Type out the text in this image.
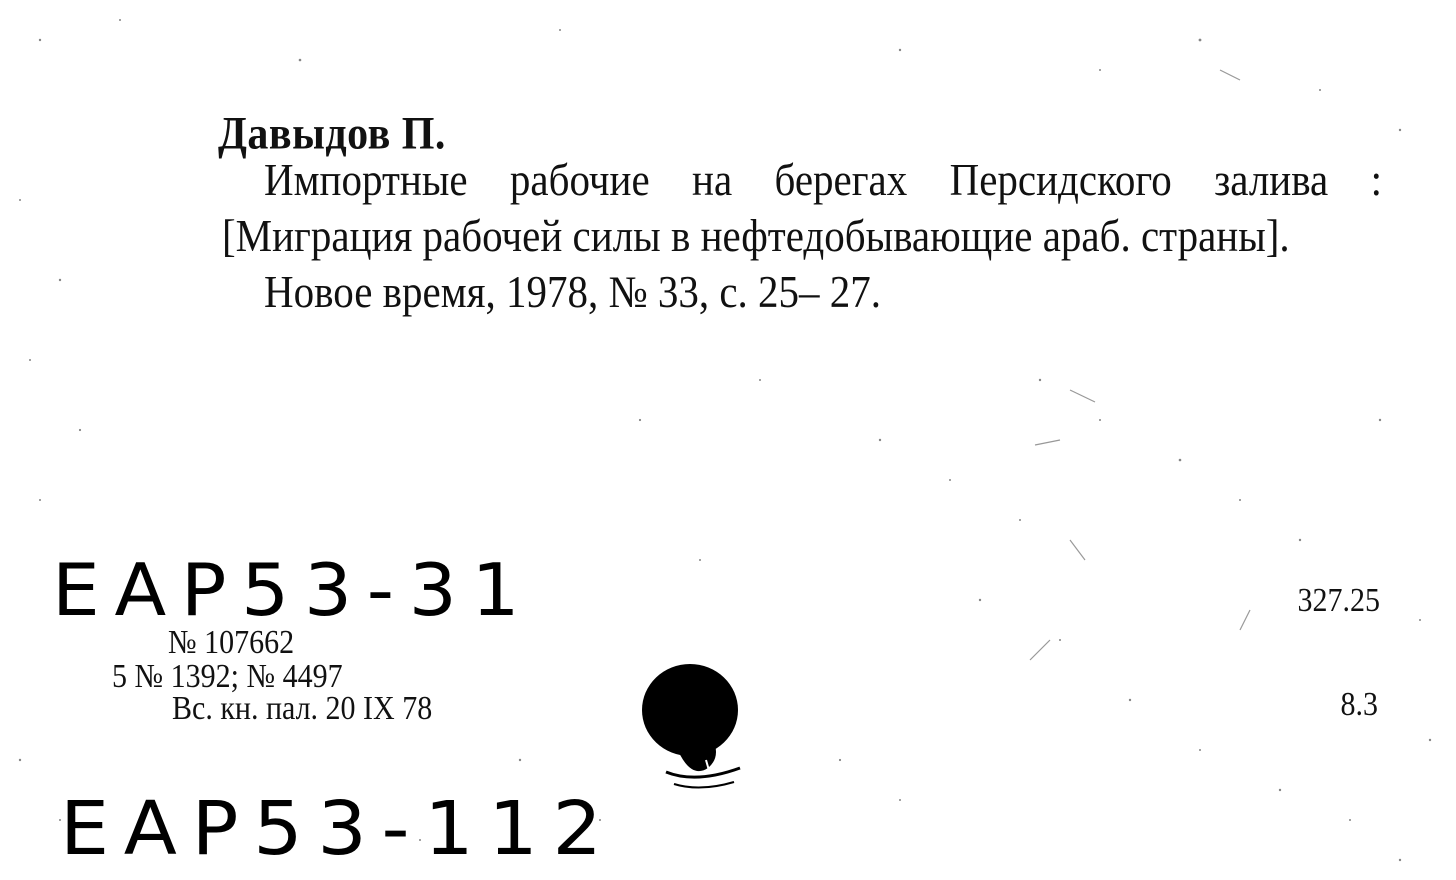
Давыдов П.

Импортные рабочие на берегах Персидского залива : [Миграция рабочей силы в нефтедобывающие араб. страны].

Новое время, 1978, № 33, с. 25– 27.

EAP53-31
№ 107662
5 № 1392; № 4497
Вс. кн. пал. 20 IX 78
327.25
8.3
EAP53-112
